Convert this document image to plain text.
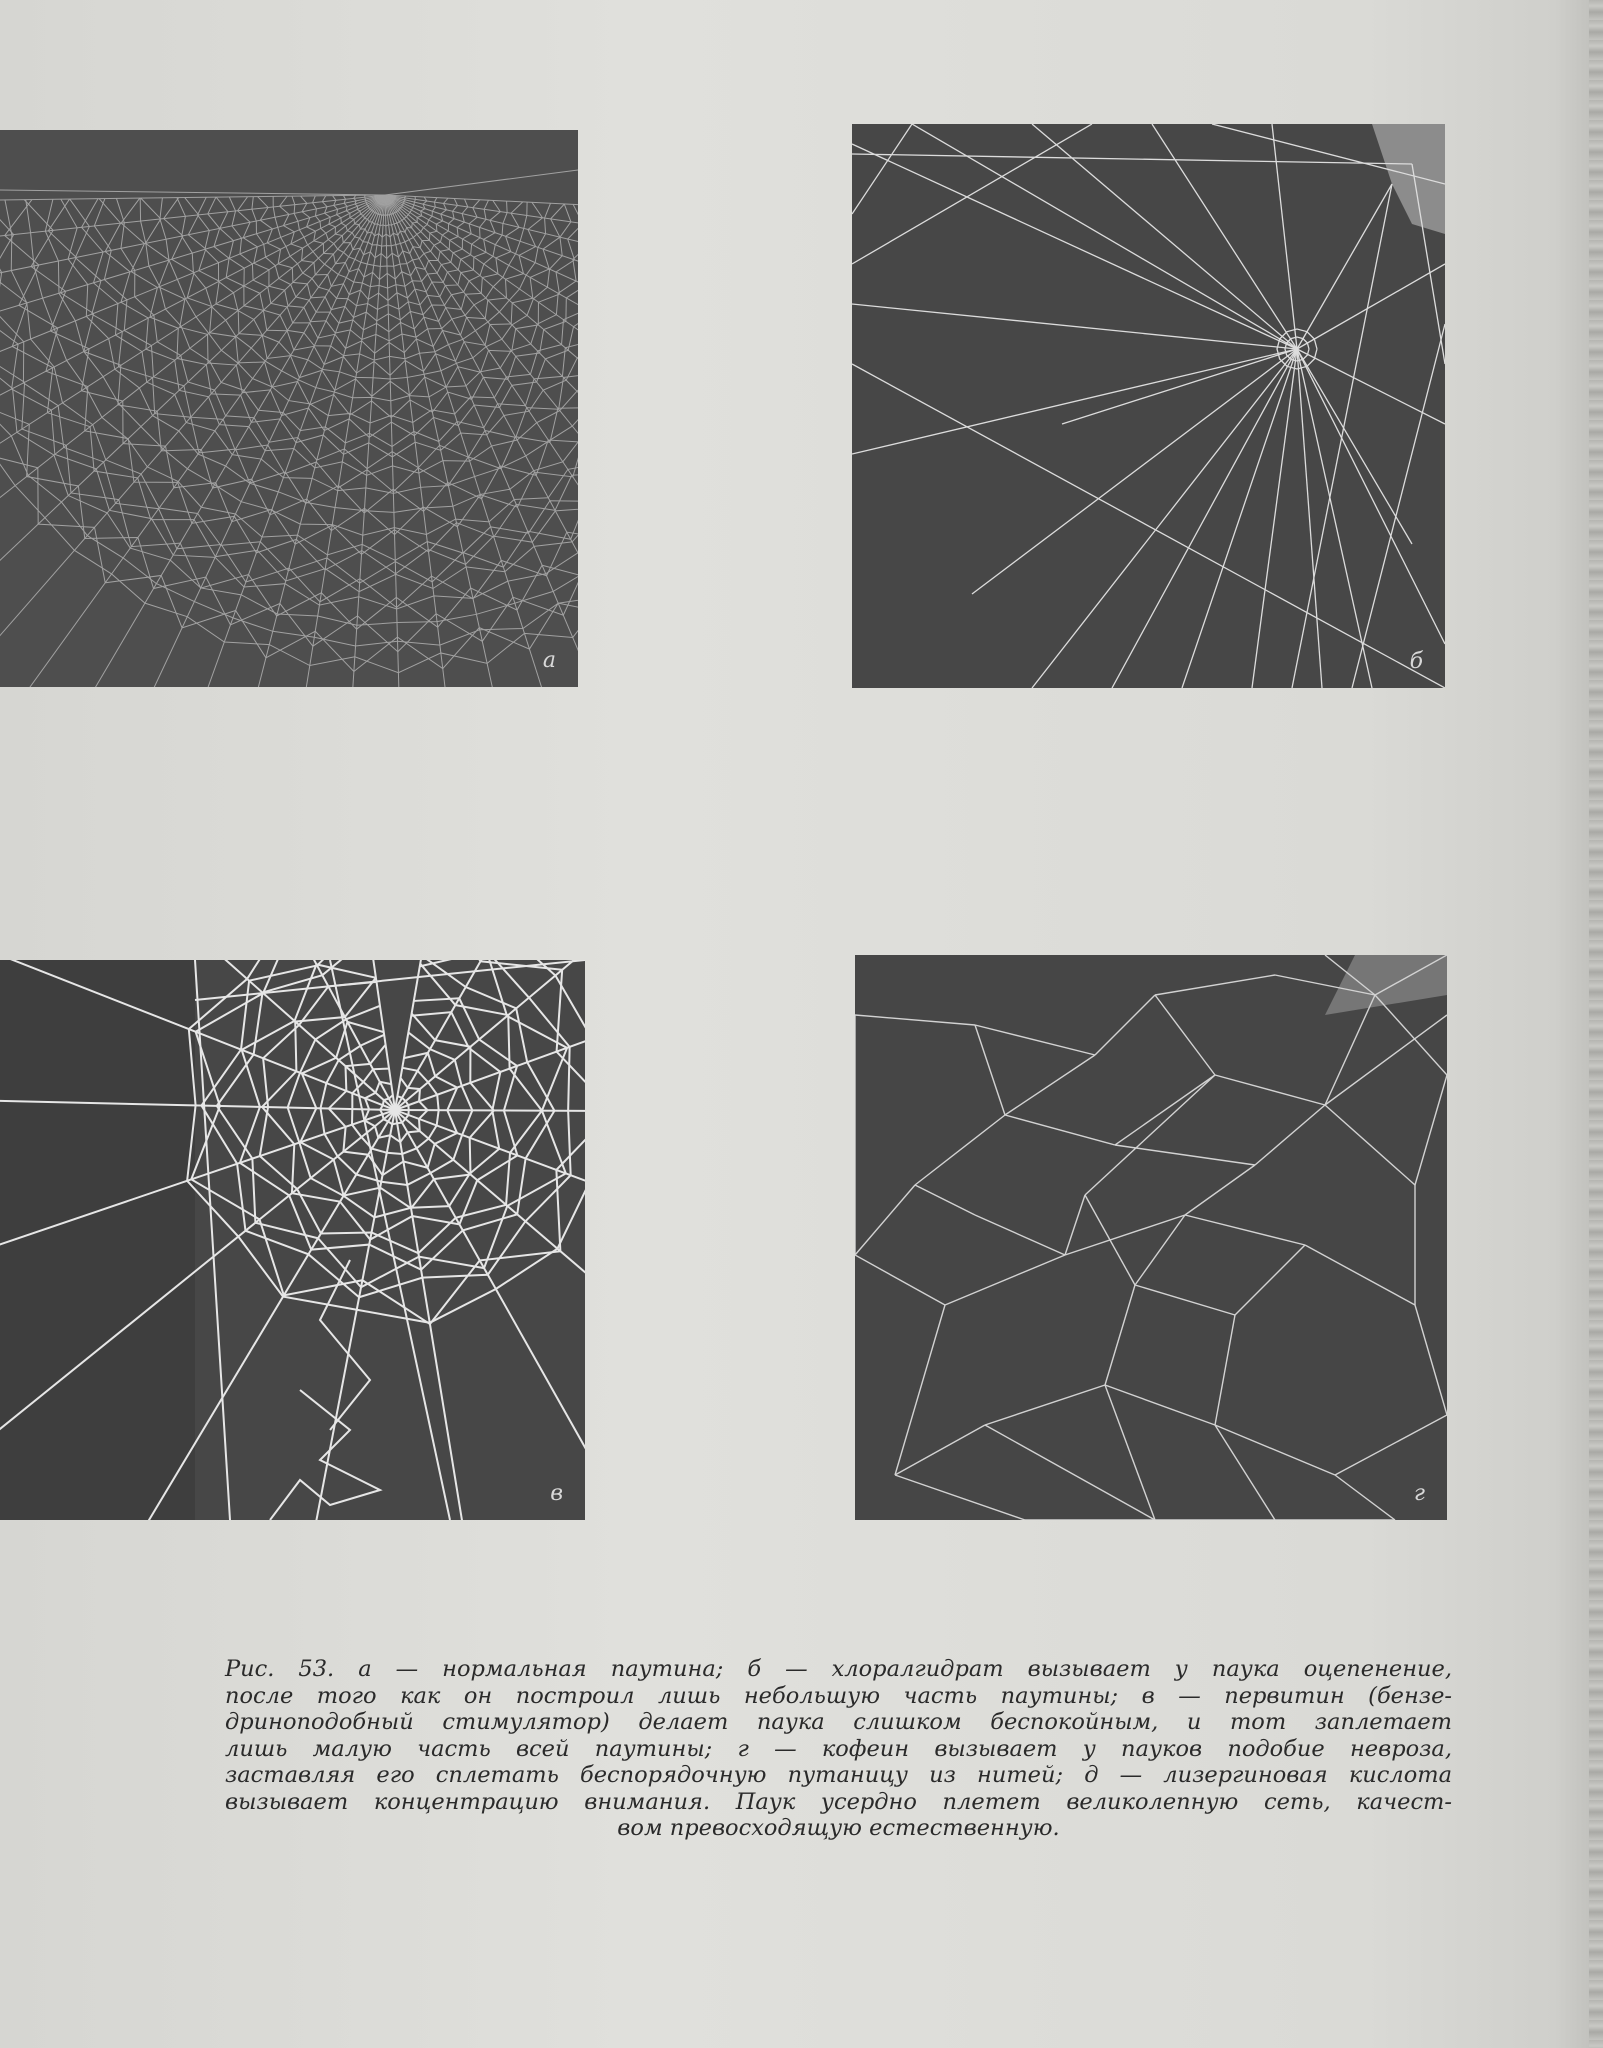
а	б
в	г
Рис. 53. а — нормальная паутина; б — хлоралгидрат вызывает у паука оцепенение,
после того как он построил лишь небольшую часть паутины; в — первитин (бензе-
дриноподобный стимулятор) делает паука слишком беспокойным, и тот заплетает
лишь малую часть всей паутины; г — кофеин вызывает у пауков подобие невроза,
заставляя его сплетать беспорядочную путаницу из нитей; д — лизергиновая кислота
вызывает концентрацию внимания. Паук усердно плетет великолепную сеть, качест-
вом превосходящую естественную.
